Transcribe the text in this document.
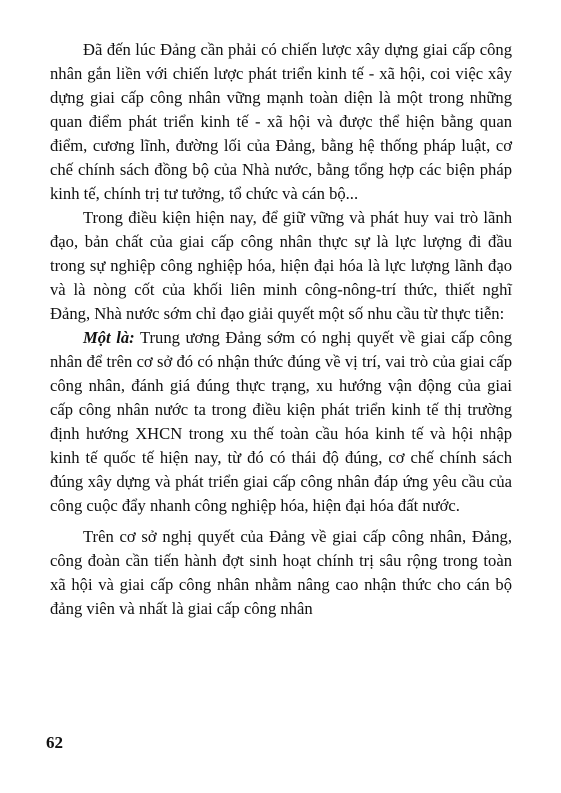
Đã đến lúc Đảng cần phải có chiến lược xây dựng giai cấp công nhân gắn liền với chiến lược phát triển kinh tế - xã hội, coi việc xây dựng giai cấp công nhân vững mạnh toàn diện là một trong những quan điểm phát triển kinh tế - xã hội và được thể hiện bằng quan điểm, cương lĩnh, đường lối của Đảng, bằng hệ thống pháp luật, cơ chế chính sách đồng bộ của Nhà nước, bằng tổng hợp các biện pháp kinh tế, chính trị tư tưởng, tổ chức và cán bộ...

Trong điều kiện hiện nay, để giữ vững và phát huy vai trò lãnh đạo, bản chất của giai cấp công nhân thực sự là lực lượng đi đầu trong sự nghiệp công nghiệp hóa, hiện đại hóa là lực lượng lãnh đạo và là nòng cốt của khối liên minh công-nông-trí thức, thiết nghĩ Đảng, Nhà nước sớm chỉ đạo giải quyết một số nhu cầu từ thực tiễn:

Một là: Trung ương Đảng sớm có nghị quyết về giai cấp công nhân để trên cơ sở đó có nhận thức đúng về vị trí, vai trò của giai cấp công nhân, đánh giá đúng thực trạng, xu hướng vận động của giai cấp công nhân nước ta trong điều kiện phát triển kinh tế thị trường định hướng XHCN trong xu thế toàn cầu hóa kinh tế và hội nhập kinh tế quốc tế hiện nay, từ đó có thái độ đúng, cơ chế chính sách đúng xây dựng và phát triển giai cấp công nhân đáp ứng yêu cầu của công cuộc đẩy nhanh công nghiệp hóa, hiện đại hóa đất nước.

Trên cơ sở nghị quyết của Đảng về giai cấp công nhân, Đảng, công đoàn cần tiến hành đợt sinh hoạt chính trị sâu rộng trong toàn xã hội và giai cấp công nhân nhằm nâng cao nhận thức cho cán bộ đảng viên và nhất là giai cấp công nhân

62
